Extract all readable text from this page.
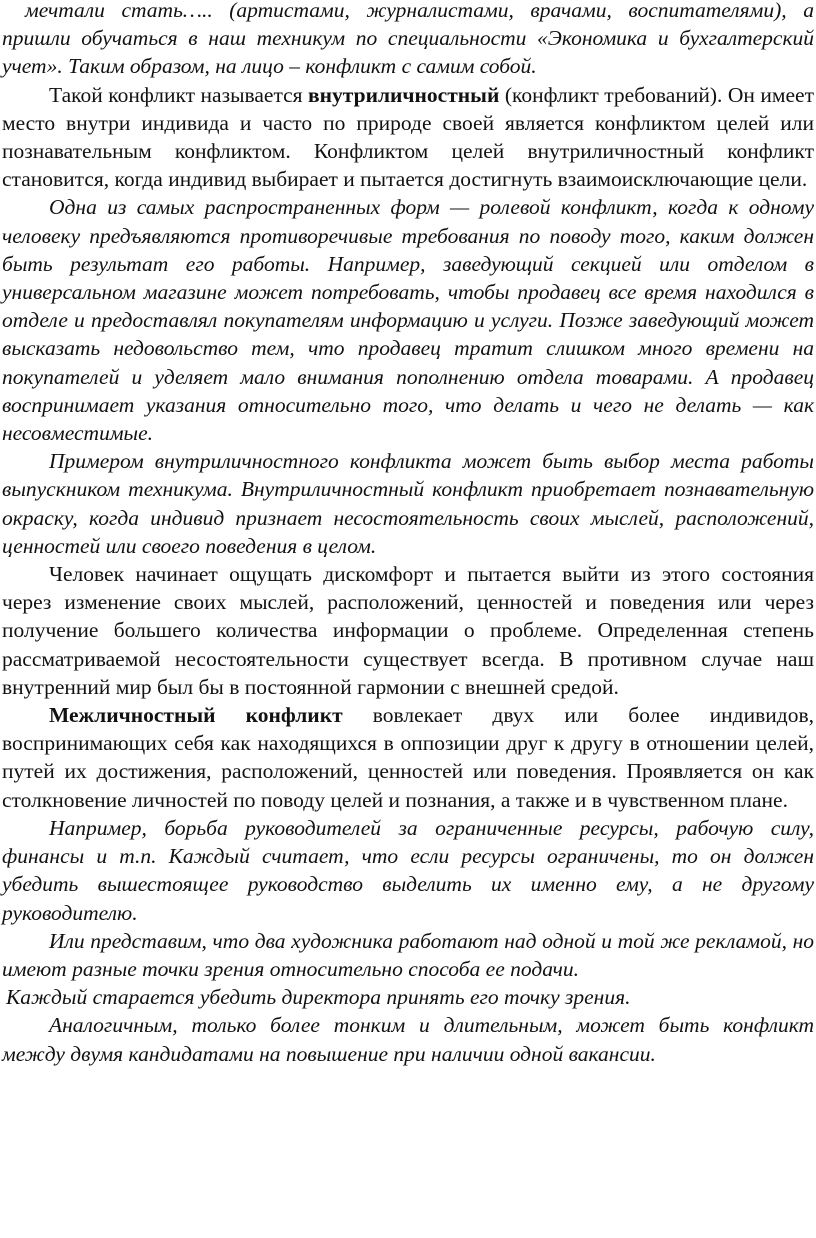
мечтали стать….. (артистами, журналистами, врачами, воспитателями), а пришли обучаться в наш техникум по специальности «Экономика и бухгалтерский учет». Таким образом, на лицо – конфликт с самим собой.

Такой конфликт называется внутриличностный (конфликт требований). Он имеет место внутри индивида и часто по природе своей является конфликтом целей или познавательным конфликтом. Конфликтом целей внутриличностный конфликт становится, когда индивид выбирает и пытается достигнуть взаимоисключающие цели.

Одна из самых распространенных форм — ролевой конфликт, когда к одному человеку предъявляются противоречивые требования по поводу того, каким должен быть результат его работы. Например, заведующий секцией или отделом в универсальном магазине может потребовать, чтобы продавец все время находился в отделе и предоставлял покупателям информацию и услуги. Позже заведующий может высказать недовольство тем, что продавец тратит слишком много времени на покупателей и уделяет мало внимания пополнению отдела товарами. А продавец воспринимает указания относительно того, что делать и чего не делать — как несовместимые.

Примером внутриличностного конфликта может быть выбор места работы выпускником техникума. Внутриличностный конфликт приобретает познавательную окраску, когда индивид признает несостоятельность своих мыслей, расположений, ценностей или своего поведения в целом.

Человек начинает ощущать дискомфорт и пытается выйти из этого состояния через изменение своих мыслей, расположений, ценностей и поведения или через получение большего количества информации о проблеме. Определенная степень рассматриваемой несостоятельности существует всегда. В противном случае наш внутренний мир был бы в постоянной гармонии с внешней средой.

Межличностный конфликт вовлекает двух или более индивидов, воспринимающих себя как находящихся в оппозиции друг к другу в отношении целей, путей их достижения, расположений, ценностей или поведения. Проявляется он как столкновение личностей по поводу целей и познания, а также и в чувственном плане.

Например, борьба руководителей за ограниченные ресурсы, рабочую силу, финансы и т.п. Каждый считает, что если ресурсы ограничены, то он должен убедить вышестоящее руководство выделить их именно ему, а не другому руководителю.

Или представим, что два художника работают над одной и той же рекламой, но имеют разные точки зрения относительно способа ее подачи.

Каждый старается убедить директора принять его точку зрения.

Аналогичным, только более тонким и длительным, может быть конфликт между двумя кандидатами на повышение при наличии одной вакансии.
